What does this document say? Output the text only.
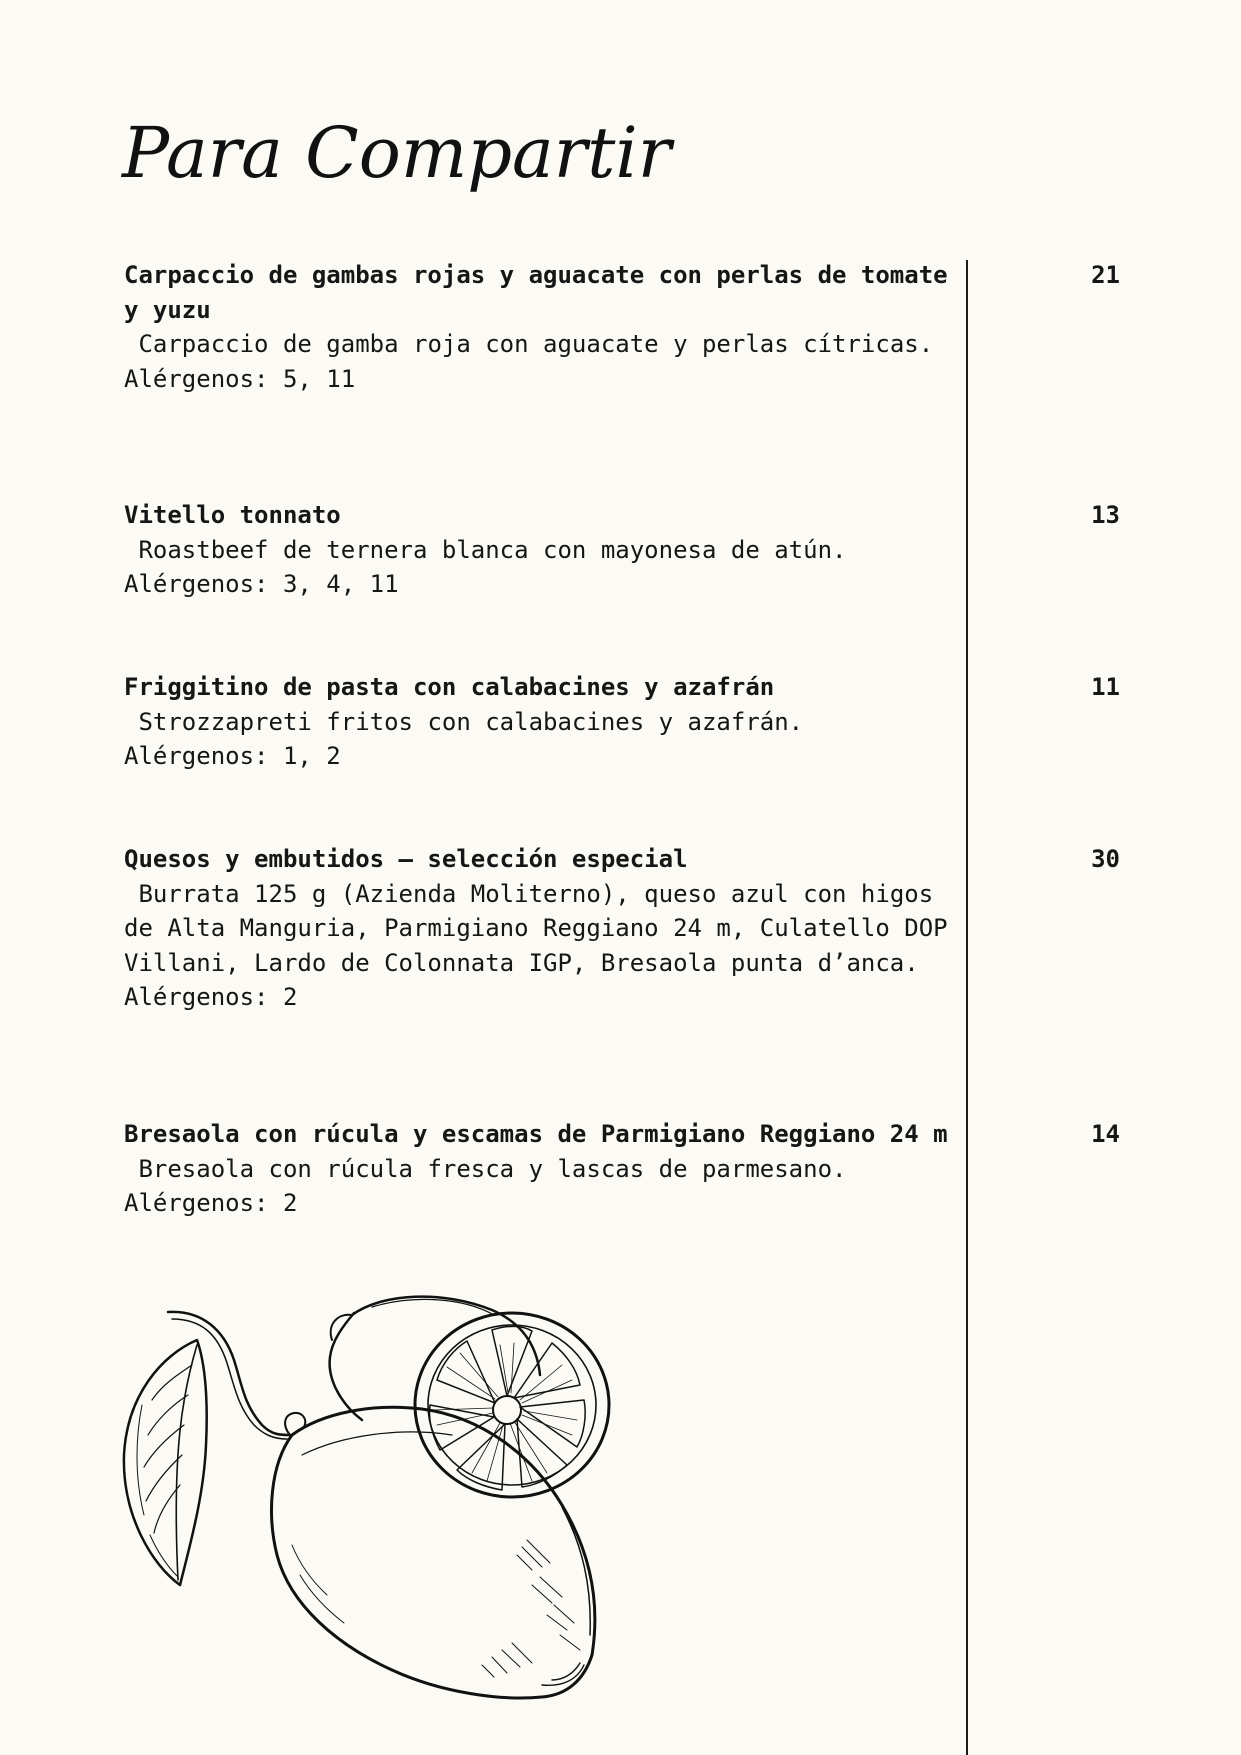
Para Compartir
Carpaccio de gambas rojas y aguacate con perlas de tomate y yuzu
Carpaccio de gamba roja con aguacate y perlas cítricas.
Alérgenos: 5, 11
21
Vitello tonnato
Roastbeef de ternera blanca con mayonesa de atún.
Alérgenos: 3, 4, 11
13
Friggitino de pasta con calabacines y azafrán
Strozzapreti fritos con calabacines y azafrán.
Alérgenos: 1, 2
11
Quesos y embutidos – selección especial
Burrata 125 g (Azienda Moliterno), queso azul con higos de Alta Manguria, Parmigiano Reggiano 24 m, Culatello DOP Villani, Lardo de Colonnata IGP, Bresaola punta d’anca.
Alérgenos: 2
30
Bresaola con rúcula y escamas de Parmigiano Reggiano 24 m
Bresaola con rúcula fresca y lascas de parmesano.
Alérgenos: 2
14
